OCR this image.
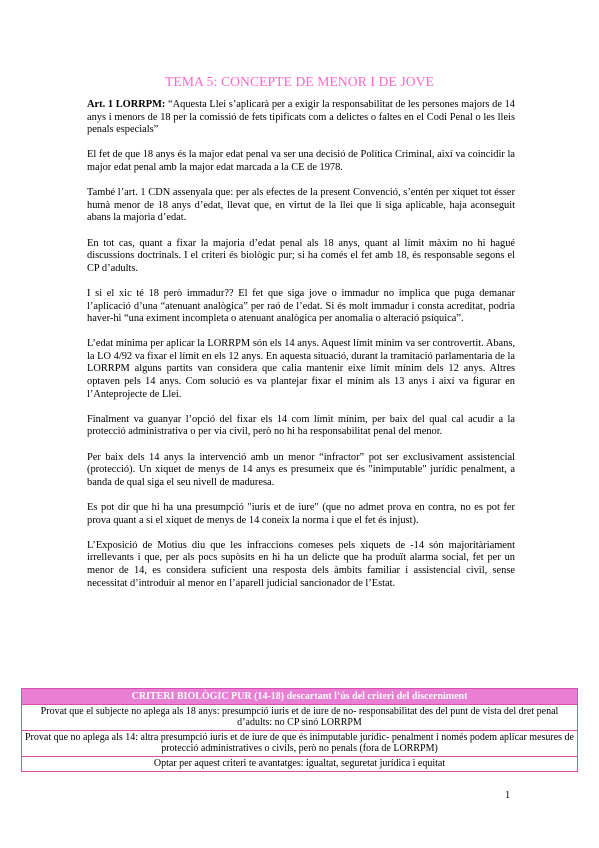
TEMA 5: CONCEPTE DE MENOR I DE JOVE

Art. 1 LORRPM: “Aquesta Llei s’aplicarà per a exigir la responsabilitat de les persones majors de 14 anys i menors de 18 per la comissió de fets tipificats com a delictes o faltes en el Codi Penal o les lleis penals especials”

El fet de que 18 anys és la major edat penal va ser una decisió de Política Criminal, així va coincidir la major edat penal amb la major edat marcada a la CE de 1978.

També l’art. 1 CDN assenyala que: per als efectes de la present Convenció, s’entén per xiquet tot ésser humà menor de 18 anys d’edat, llevat que, en virtut de la llei que li siga aplicable, haja aconseguit abans la majoria d’edat.

En tot cas, quant a fixar la majoria d’edat penal als 18 anys, quant al límit màxim no hi hagué discussions doctrinals. I el criteri és biològic pur; si ha comés el fet amb 18, és responsable segons el CP d’adults.

I si el xic té 18 però immadur?? El fet que siga jove o immadur no implica que puga demanar l’aplicació d’una “atenuant analògica” per raó de l’edat. Si és molt immadur i consta acreditat, podria haver-hi “una eximent incompleta o atenuant analògica per anomalia o alteració psíquica”.

L’edat mínima per aplicar la LORRPM són els 14 anys. Aquest límit mínim va ser controvertit. Abans, la LO 4/92 va fixar el límit en els 12 anys. En aquesta situació, durant la tramitació parlamentaria de la LORRPM alguns partits van considera que calia mantenir eixe límit mínim dels 12 anys. Altres optaven pels 14 anys. Com solució es va plantejar fixar el mínim als 13 anys i així va figurar en l’Anteprojecte de Llei.

Finalment va guanyar l’opció del fixar els 14 com límit mínim, per baix del qual cal acudir a la protecció administrativa o per via civil, però no hi ha responsabilitat penal del menor.

Per baix dels 14 anys la intervenció amb un menor “infractor” pot ser exclusivament assistencial (protecció). Un xiquet de menys de 14 anys es presumeix que és "inimputable" jurídic penalment, a banda de qual siga el seu nivell de maduresa.

Es pot dir que hi ha una presumpció "iuris et de iure" (que no admet prova en contra, no es pot fer prova quant a si el xiquet de menys de 14 coneix la norma i que el fet és injust).

L’Exposició de Motius diu que les infraccions comeses pels xiquets de -14 són majoritàriament irrellevants i que, per als pocs supòsits en hi ha un delicte que ha produït alarma social, fet per un menor de 14, es considera suficient una resposta dels àmbits familiar i assistencial civil, sense necessitat d’introduir al menor en l’aparell judicial sancionador de l’Estat.

CRITERI BIOLÒGIC PUR (14-18) descartant l’ús del criteri del discerniment
Provat que el subjecte no aplega als 18 anys: presumpció iuris et de iure de no- responsabilitat des del punt de vista del dret penal d’adults: no CP sinó LORRPM
Provat que no aplega als 14: altra presumpció iuris et de iure de que és inimputable jurídic- penalment i només podem aplicar mesures de protecció administratives o civils, però no penals (fora de LORRPM)
Optar per aquest criteri te avantatges: igualtat, seguretat jurídica i equitat
1
